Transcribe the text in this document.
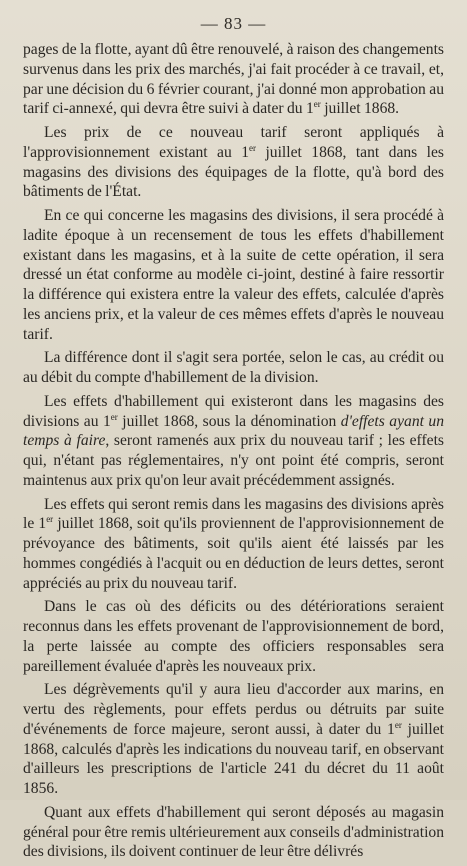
— 83 —

pages de la flotte, ayant dû être renouvelé, à raison des changements survenus dans les prix des marchés, j'ai fait procéder à ce travail, et, par une décision du 6 février courant, j'ai donné mon approbation au tarif ci-annexé, qui devra être suivi à dater du 1er juillet 1868.

Les prix de ce nouveau tarif seront appliqués à l'approvisionnement existant au 1er juillet 1868, tant dans les magasins des divisions des équipages de la flotte, qu'à bord des bâtiments de l'État.

En ce qui concerne les magasins des divisions, il sera procédé à ladite époque à un recensement de tous les effets d'habillement existant dans les magasins, et à la suite de cette opération, il sera dressé un état conforme au modèle ci-joint, destiné à faire ressortir la différence qui existera entre la valeur des effets, calculée d'après les anciens prix, et la valeur de ces mêmes effets d'après le nouveau tarif.

La différence dont il s'agit sera portée, selon le cas, au crédit ou au débit du compte d'habillement de la division.

Les effets d'habillement qui existeront dans les magasins des divisions au 1er juillet 1868, sous la dénomination d'effets ayant un temps à faire, seront ramenés aux prix du nouveau tarif ; les effets qui, n'étant pas réglementaires, n'y ont point été compris, seront maintenus aux prix qu'on leur avait précédemment assignés.

Les effets qui seront remis dans les magasins des divisions après le 1er juillet 1868, soit qu'ils proviennent de l'approvisionnement de prévoyance des bâtiments, soit qu'ils aient été laissés par les hommes congédiés à l'acquit ou en déduction de leurs dettes, seront appréciés au prix du nouveau tarif.

Dans le cas où des déficits ou des détériorations seraient reconnus dans les effets provenant de l'approvisionnement de bord, la perte laissée au compte des officiers responsables sera pareillement évaluée d'après les nouveaux prix.

Les dégrèvements qu'il y aura lieu d'accorder aux marins, en vertu des règlements, pour effets perdus ou détruits par suite d'événements de force majeure, seront aussi, à dater du 1er juillet 1868, calculés d'après les indications du nouveau tarif, en observant d'ailleurs les prescriptions de l'article 241 du décret du 11 août 1856.

Quant aux effets d'habillement qui seront déposés au magasin général pour être remis ultérieurement aux conseils d'administration des divisions, ils doivent continuer de leur être délivrés
